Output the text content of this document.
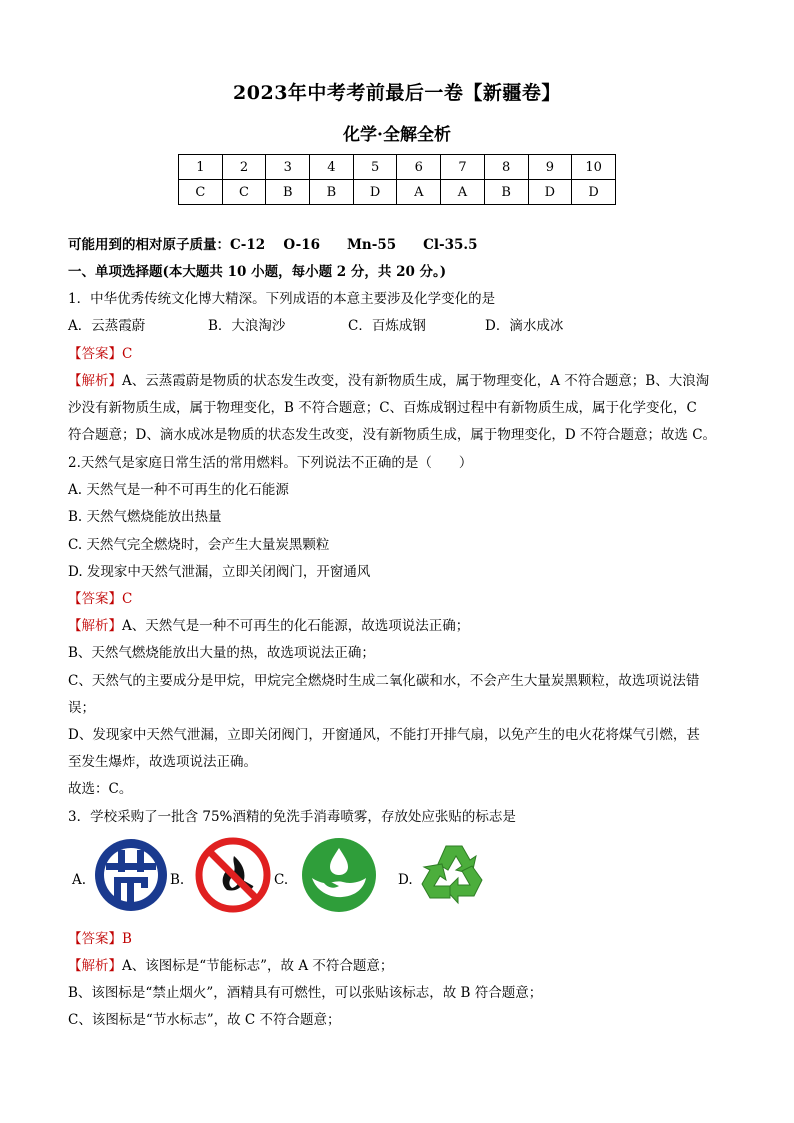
2023年中考考前最后一卷【新疆卷】
化学·全解全析
1	2	3	4	5	6	7	8	9	10
C	C	B	B	D	A	A	B	D	D
可能用到的相对原子质量：C-12　 O-16　　Mn-55　　Cl-35.5
一、单项选择题(本大题共 10 小题，每小题 2 分，共 20 分。)
1．中华优秀传统文化博大精深。下列成语的本意主要涉及化学变化的是
A．云蒸霞蔚	B．大浪淘沙	C．百炼成钢	D．滴水成冰
【答案】C
【解析】A、云蒸霞蔚是物质的状态发生改变，没有新物质生成，属于物理变化，A 不符合题意；B、大浪淘
沙没有新物质生成，属于物理变化，B 不符合题意；C、百炼成钢过程中有新物质生成，属于化学变化，C
符合题意；D、滴水成冰是物质的状态发生改变，没有新物质生成，属于物理变化，D 不符合题意；故选 C。
2.天然气是家庭日常生活的常用燃料。下列说法不正确的是（　　）
A. 天然气是一种不可再生的化石能源
B. 天然气燃烧能放出热量
C. 天然气完全燃烧时，会产生大量炭黑颗粒
D. 发现家中天然气泄漏，立即关闭阀门，开窗通风
【答案】C
【解析】A、天然气是一种不可再生的化石能源，故选项说法正确；
B、天然气燃烧能放出大量的热，故选项说法正确；
C、天然气的主要成分是甲烷，甲烷完全燃烧时生成二氧化碳和水，不会产生大量炭黑颗粒，故选项说法错
误；
D、发现家中天然气泄漏，立即关闭阀门，开窗通风，不能打开排气扇，以免产生的电火花将煤气引燃，甚
至发生爆炸，故选项说法正确。
故选：C。
3．学校采购了一批含 75%酒精的免洗手消毒喷雾，存放处应张贴的标志是
A.	B.	C.	D.
【答案】B
【解析】A、该图标是“节能标志”，故 A 不符合题意；
B、该图标是“禁止烟火”，酒精具有可燃性，可以张贴该标志，故 B 符合题意；
C、该图标是“节水标志”，故 C 不符合题意；
